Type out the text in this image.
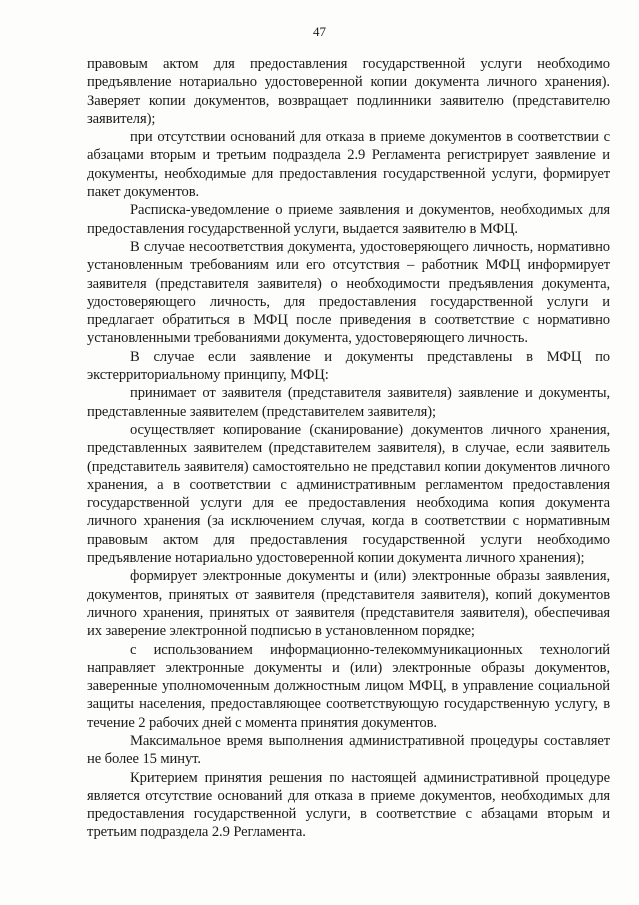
47

правовым актом для предоставления государственной услуги необходимо предъявление нотариально удостоверенной копии документа личного хранения). Заверяет копии документов, возвращает подлинники заявителю (представителю заявителя);

при отсутствии оснований для отказа в приеме документов в соответствии с абзацами вторым и третьим подраздела 2.9 Регламента регистрирует заявление и документы, необходимые для предоставления государственной услуги, формирует пакет документов.

Расписка-уведомление о приеме заявления и документов, необходимых для предоставления государственной услуги, выдается заявителю в МФЦ.

В случае несоответствия документа, удостоверяющего личность, нормативно установленным требованиям или его отсутствия – работник МФЦ информирует заявителя (представителя заявителя) о необходимости предъявления документа, удостоверяющего личность, для предоставления государственной услуги и предлагает обратиться в МФЦ после приведения в соответствие с нормативно установленными требованиями документа, удостоверяющего личность.

В случае если заявление и документы представлены в МФЦ по экстерриториальному принципу, МФЦ:

принимает от заявителя (представителя заявителя) заявление и документы, представленные заявителем (представителем заявителя);

осуществляет копирование (сканирование) документов личного хранения, представленных заявителем (представителем заявителя), в случае, если заявитель (представитель заявителя) самостоятельно не представил копии документов личного хранения, а в соответствии с административным регламентом предоставления государственной услуги для ее предоставления необходима копия документа личного хранения (за исключением случая, когда в соответствии с нормативным правовым актом для предоставления государственной услуги необходимо предъявление нотариально удостоверенной копии документа личного хранения);

формирует электронные документы и (или) электронные образы заявления, документов, принятых от заявителя (представителя заявителя), копий документов личного хранения, принятых от заявителя (представителя заявителя), обеспечивая их заверение электронной подписью в установленном порядке;

с использованием информационно-телекоммуникационных технологий направляет электронные документы и (или) электронные образы документов, заверенные уполномоченным должностным лицом МФЦ, в управление социальной защиты населения, предоставляющее соответствующую государственную услугу, в течение 2 рабочих дней с момента принятия документов.

Максимальное время выполнения административной процедуры составляет не более 15 минут.

Критерием принятия решения по настоящей административной процедуре является отсутствие оснований для отказа в приеме документов, необходимых для предоставления государственной услуги, в соответствие с абзацами вторым и третьим подраздела 2.9 Регламента.
